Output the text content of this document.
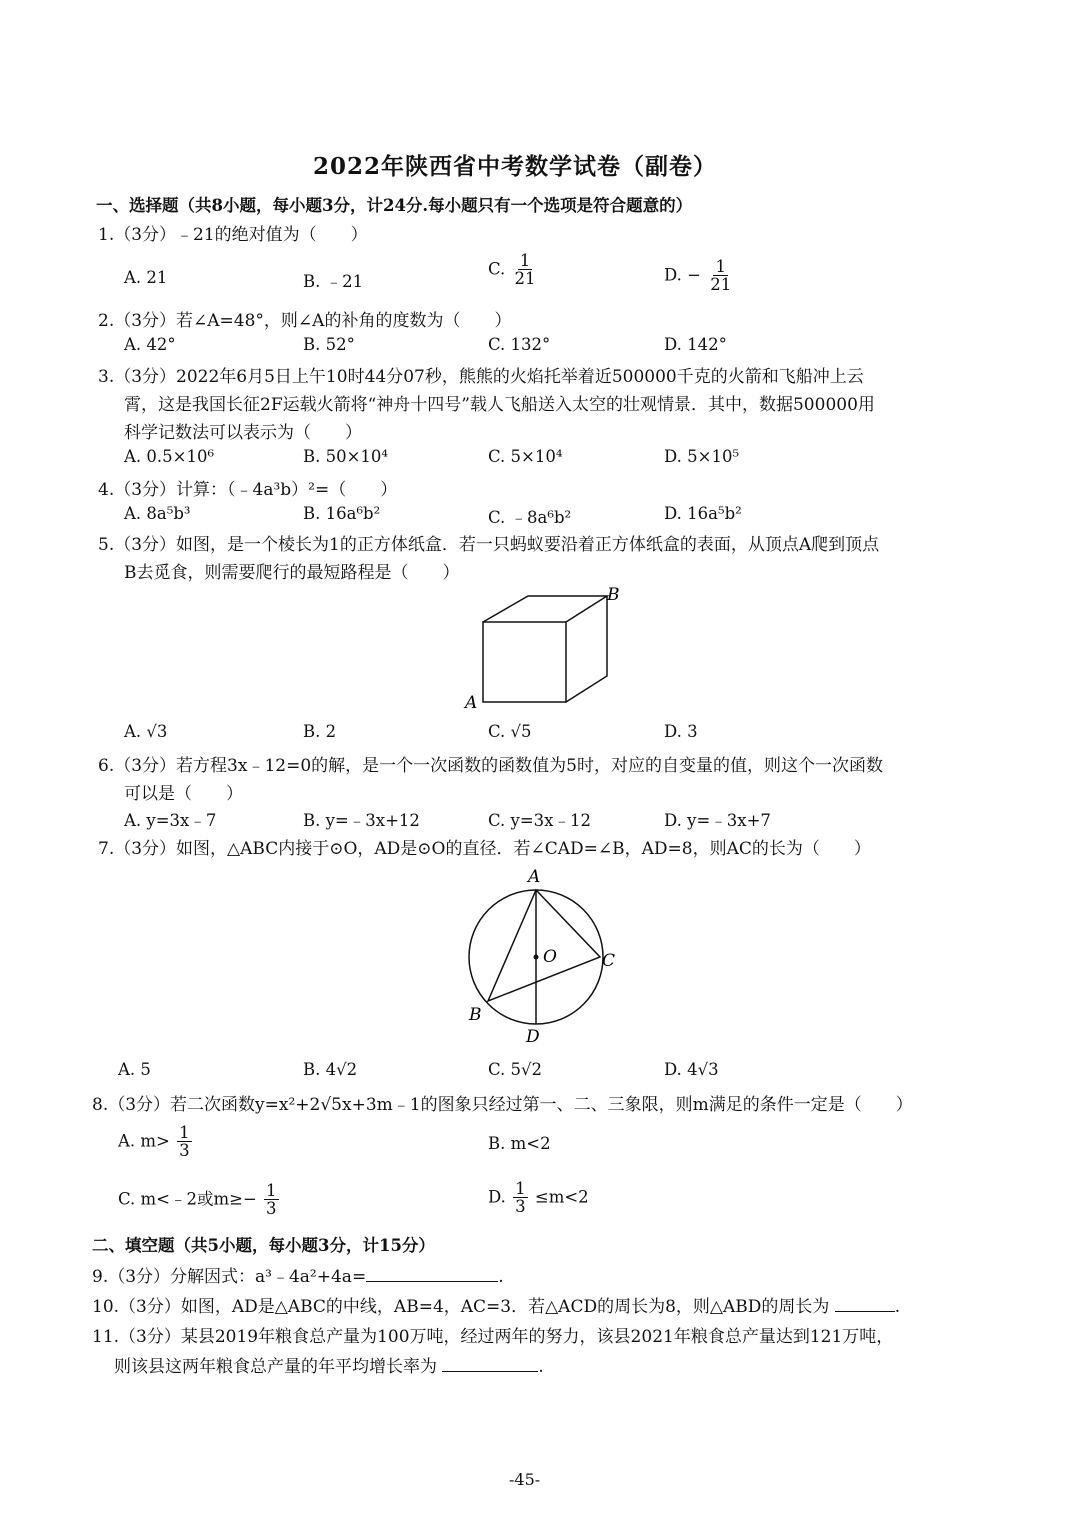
2022年陕西省中考数学试卷（副卷）
一、选择题（共8小题，每小题3分，计24分.每小题只有一个选项是符合题意的）
1.（3分）﹣21的绝对值为（　　）
A. 21	B. ﹣21
C. $\frac{1}{21}$	D. − $\frac{1}{21}$
2.（3分）若∠A=48°，则∠A的补角的度数为（　　）
A. 42°	B. 52°	C. 132°	D. 142°
3.（3分）2022年6月5日上午10时44分07秒，熊熊的火焰托举着近500000千克的火箭和飞船冲上云
霄，这是我国长征2F运载火箭将“神舟十四号”载人飞船送入太空的壮观情景．其中，数据500000用
科学记数法可以表示为（　　）
A. 0.5×10⁶	B. 50×10⁴	C. 5×10⁴	D. 5×10⁵
4.（3分）计算：（﹣4a³b）²=（　　）
A. 8a⁵b³	B. 16a⁶b²	C. ﹣8a⁶b²	D. 16a⁵b²
5.（3分）如图，是一个棱长为1的正方体纸盒．若一只蚂蚁要沿着正方体纸盒的表面，从顶点A爬到顶点
B去觅食，则需要爬行的最短路程是（　　）
B
A
A. √3	B. 2	C. √5	D. 3
6.（3分）若方程3x﹣12=0的解，是一个一次函数的函数值为5时，对应的自变量的值，则这个一次函数
可以是（　　）
A. y=3x﹣7	B. y=﹣3x+12	C. y=3x﹣12	D. y=﹣3x+7
7.（3分）如图，△ABC内接于⊙O，AD是⊙O的直径．若∠CAD=∠B，AD=8，则AC的长为（　　）
A
B
C
D
O
A. 5	B. 4√2	C. 5√2	D. 4√3
8.（3分）若二次函数y=x²+2√5x+3m﹣1的图象只经过第一、二、三象限，则m满足的条件一定是（　　）
A. $m> \frac{1}{3}$	B. m<2
C. m<﹣2或$m\ge- \frac{1}{3}$	D. $\frac{1}{3} \le m<2$
二、填空题（共5小题，每小题3分，计15分）
9.（3分）分解因式：a³﹣4a²+4a=	.
10.（3分）如图，AD是△ABC的中线，AB=4，AC=3．若△ACD的周长为8，则△ABD的周长为	.
11.（3分）某县2019年粮食总产量为100万吨，经过两年的努力，该县2021年粮食总产量达到121万吨，
则该县这两年粮食总产量的年平均增长率为	.
-45-
